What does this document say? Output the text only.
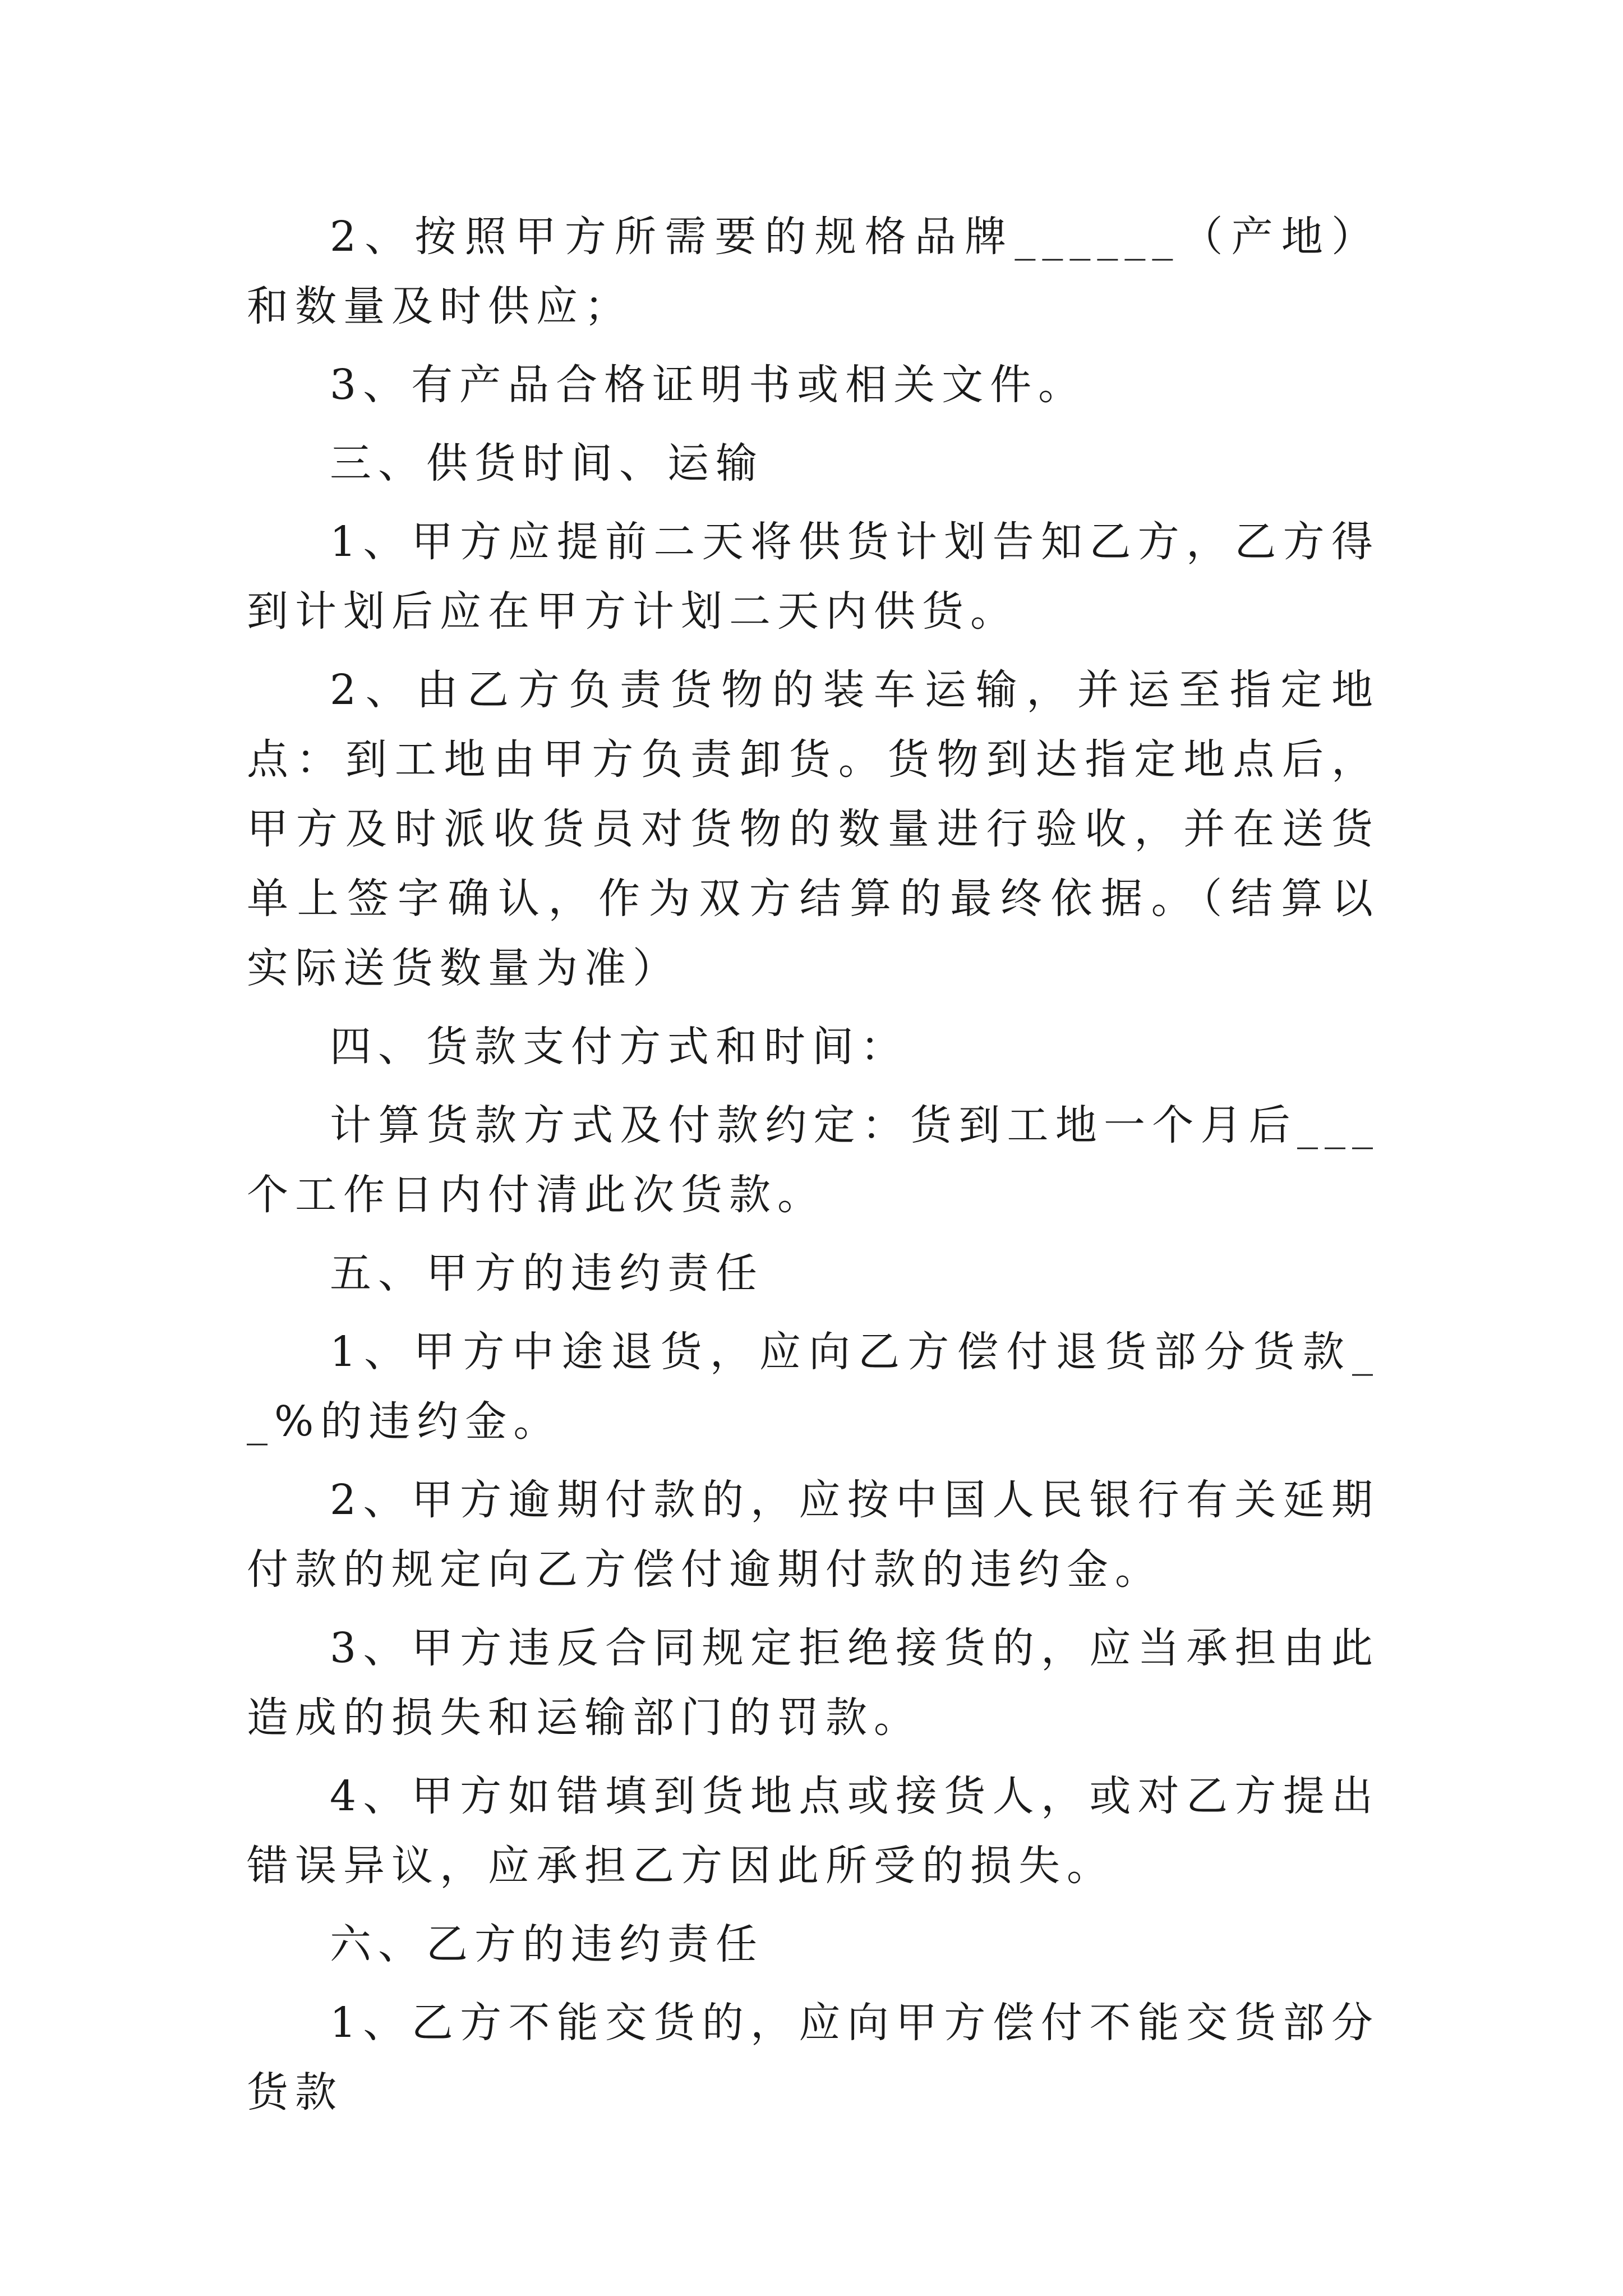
2、按照甲方所需要的规格品牌______（产地）和数量及时供应；

3、有产品合格证明书或相关文件。

三、供货时间、运输

1、甲方应提前二天将供货计划告知乙方，乙方得到计划后应在甲方计划二天内供货。

2、由乙方负责货物的装车运输，并运至指定地点：到工地由甲方负责卸货。货物到达指定地点后，甲方及时派收货员对货物的数量进行验收，并在送货单上签字确认，作为双方结算的最终依据。（结算以实际送货数量为准）

四、货款支付方式和时间：

计算货款方式及付款约定：货到工地一个月后___个工作日内付清此次货款。

五、甲方的违约责任

1、甲方中途退货，应向乙方偿付退货部分货款__%的违约金。

2、甲方逾期付款的，应按中国人民银行有关延期付款的规定向乙方偿付逾期付款的违约金。

3、甲方违反合同规定拒绝接货的，应当承担由此造成的损失和运输部门的罚款。

4、甲方如错填到货地点或接货人，或对乙方提出错误异议，应承担乙方因此所受的损失。

六、乙方的违约责任

1、乙方不能交货的，应向甲方偿付不能交货部分货款
